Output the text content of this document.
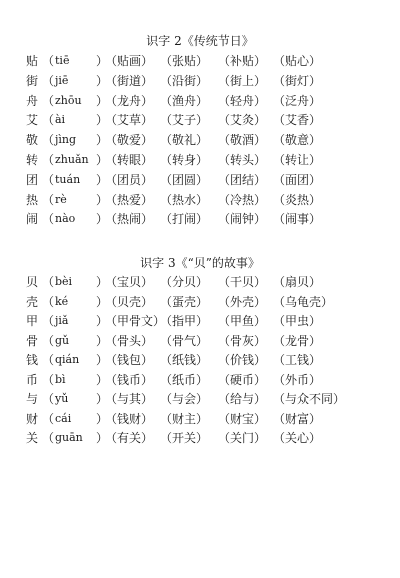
识字 2《传统节日》
贴 （ tiē ）
（贴画） （张贴） （补贴） （贴心）
街 （ jiē ）
（街道） （沿街） （街上） （街灯）
舟 （ zhōu ）
（龙舟） （渔舟） （轻舟） （泛舟）
艾 （ ài	）
（艾草） （艾子） （艾灸） （艾香）
敬 （ jìng ）
（敬爱） （敬礼） （敬酒） （敬意）
转 （ zhuǎn ）
（转眼） （转身） （转头） （转让）
团 （ tuán ）
（团员） （团圆） （团结） （面团）
热 （ rè ）
（热爱） （热水） （冷热） （炎热）
闹 （ nào ）
（热闹） （打闹） （闹钟） （闹事）
识字 3《“贝”的故事》
贝 （ bèi ）
（宝贝） （分贝） （干贝） （扇贝）
壳 （ ké ）
（贝壳） （蛋壳） （外壳） （乌龟壳）
甲 （ jiǎ ）
（甲骨文）
（指甲） （甲鱼） （甲虫）
骨 （ gǔ ）
（骨头） （骨气） （骨灰） （龙骨）
钱 （ qián ）
（钱包） （纸钱） （价钱） （工钱）
币 （ bì	）
（钱币） （纸币） （硬币） （外币）
与 （ yǔ ）
（与其） （与会） （给与） （与众不同）
财 （ cái ）
（钱财） （财主） （财宝） （财富）
关 （ guān ）
（有关） （开关） （关门） （关心）
